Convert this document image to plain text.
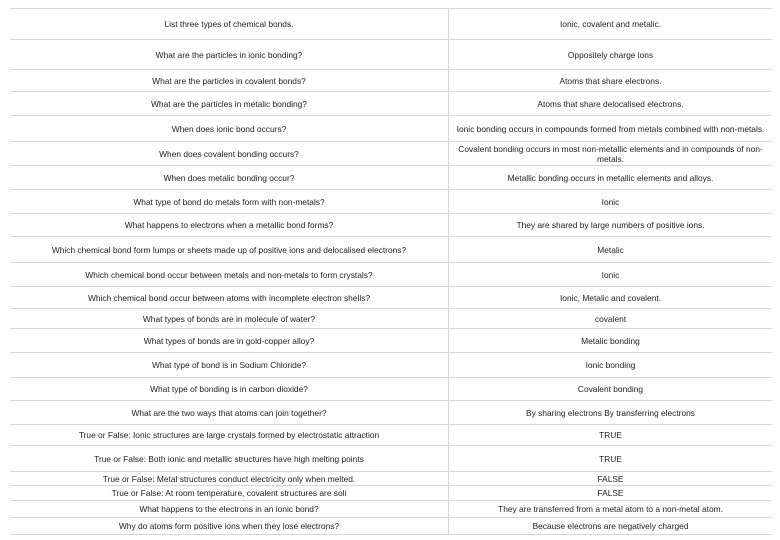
List three types of chemical bonds.	Ionic, covalent and metalic.
What are the particles in ionic bonding?	Oppositely charge ions
What are the particles in covalent bonds?	Atoms that share electrons.
What are the particles in metalic bonding?	Atoms that share delocalised electrons.
When does ionic bond occurs?	Ionic bonding occurs in compounds formed from metals combined with non-metals.
When does covalent bonding occurs?	Covalent bonding occurs in most non-metallic elements and in compounds of non-metals.
When does metalic bonding occur?	Metallic bonding occurs in metallic elements and alloys.
What type of bond do metals form with non-metals?	Ionic
What happens to electrons when a metallic bond forms?	They are shared by large numbers of positive ions.
Which chemical bond form lumps or sheets made up of positive ions and delocalised electrons?	Metalic
Which chemical bond occur between metals and non-metals to form crystals?	Ionic
Which chemical bond occur between atoms with incomplete electron shells?	Ionic, Metalic and covalent.
What types of bonds are in molecule of water?	covalent
What types of bonds are in gold-copper alloy?	Metalic bonding
What type of bond is in Sodium Chloride?	Ionic bonding
What type of bonding is in carbon dioxide?	Covalent bonding
What are the two ways that atoms can join together?	By sharing electrons By transferring electrons
True or False: Ionic structures are large crystals formed by electrostatic attraction	TRUE
True or False: Both ionic and metallic structures have high melting points	TRUE
True or False: Metal structures conduct electricity only when melted.	FALSE
True or False: At room temperature, covalent structures are soli	FALSE
What happens to the electrons in an ionic bond?	They are transferred from a metal atom to a non-metal atom.
Why do atoms form positive ions when they lose electrons?	Because electrons are negatively charged
